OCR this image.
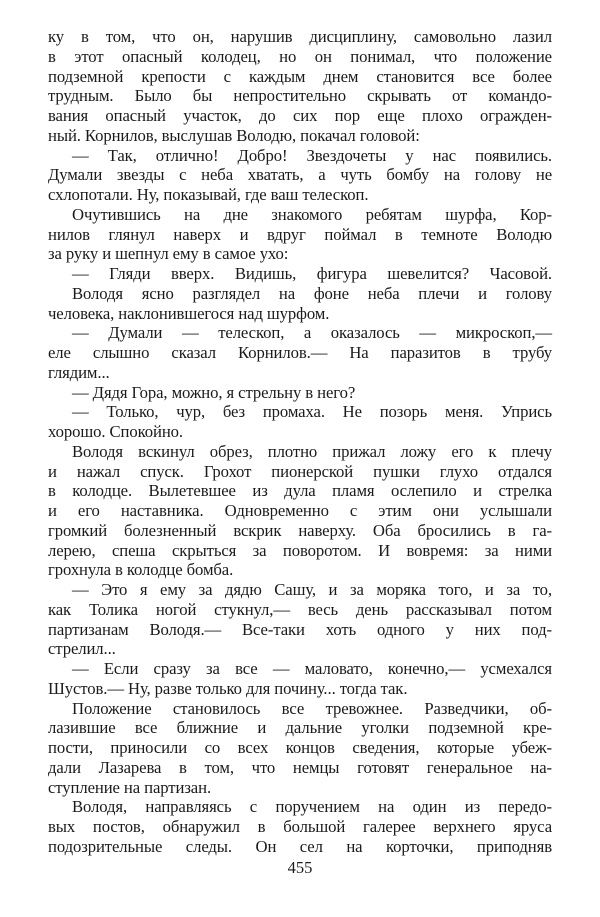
ку в том, что он, нарушив дисциплину, самовольно лазил
в этот опасный колодец, но он понимал, что положение
подземной крепости с каждым днем становится все более
трудным. Было бы непростительно скрывать от командо-
вания опасный участок, до сих пор еще плохо огражден-
ный. Корнилов, выслушав Володю, покачал головой:
— Так, отлично! Добро! Звездочеты у нас появились.
Думали звезды с неба хватать, а чуть бомбу на голову не
схлопотали. Ну, показывай, где ваш телескоп.
Очутившись на дне знакомого ребятам шурфа, Кор-
нилов глянул наверх и вдруг поймал в темноте Володю
за руку и шепнул ему в самое ухо:
— Гляди вверх. Видишь, фигура шевелится? Часовой.
Володя ясно разглядел на фоне неба плечи и голову
человека, наклонившегося над шурфом.
— Думали — телескоп, а оказалось — микроскоп,—
еле слышно сказал Корнилов.— На паразитов в трубу
глядим...
— Дядя Гора, можно, я стрельну в него?
— Только, чур, без промаха. Не позорь меня. Упрись
хорошо. Спокойно.
Володя вскинул обрез, плотно прижал ложу его к плечу
и нажал спуск. Грохот пионерской пушки глухо отдался
в колодце. Вылетевшее из дула пламя ослепило и стрелка
и его наставника. Одновременно с этим они услышали
громкий болезненный вскрик наверху. Оба бросились в га-
лерею, спеша скрыться за поворотом. И вовремя: за ними
грохнула в колодце бомба.
— Это я ему за дядю Сашу, и за моряка того, и за то,
как Толика ногой стукнул,— весь день рассказывал потом
партизанам Володя.— Все-таки хоть одного у них под-
стрелил...
— Если сразу за все — маловато, конечно,— усмехался
Шустов.— Ну, разве только для почину... тогда так.
Положение становилось все тревожнее. Разведчики, об-
лазившие все ближние и дальние уголки подземной кре-
пости, приносили со всех концов сведения, которые убеж-
дали Лазарева в том, что немцы готовят генеральное на-
ступление на партизан.
Володя, направляясь с поручением на один из передо-
вых постов, обнаружил в большой галерее верхнего яруса
подозрительные следы. Он сел на корточки, приподняв
455
